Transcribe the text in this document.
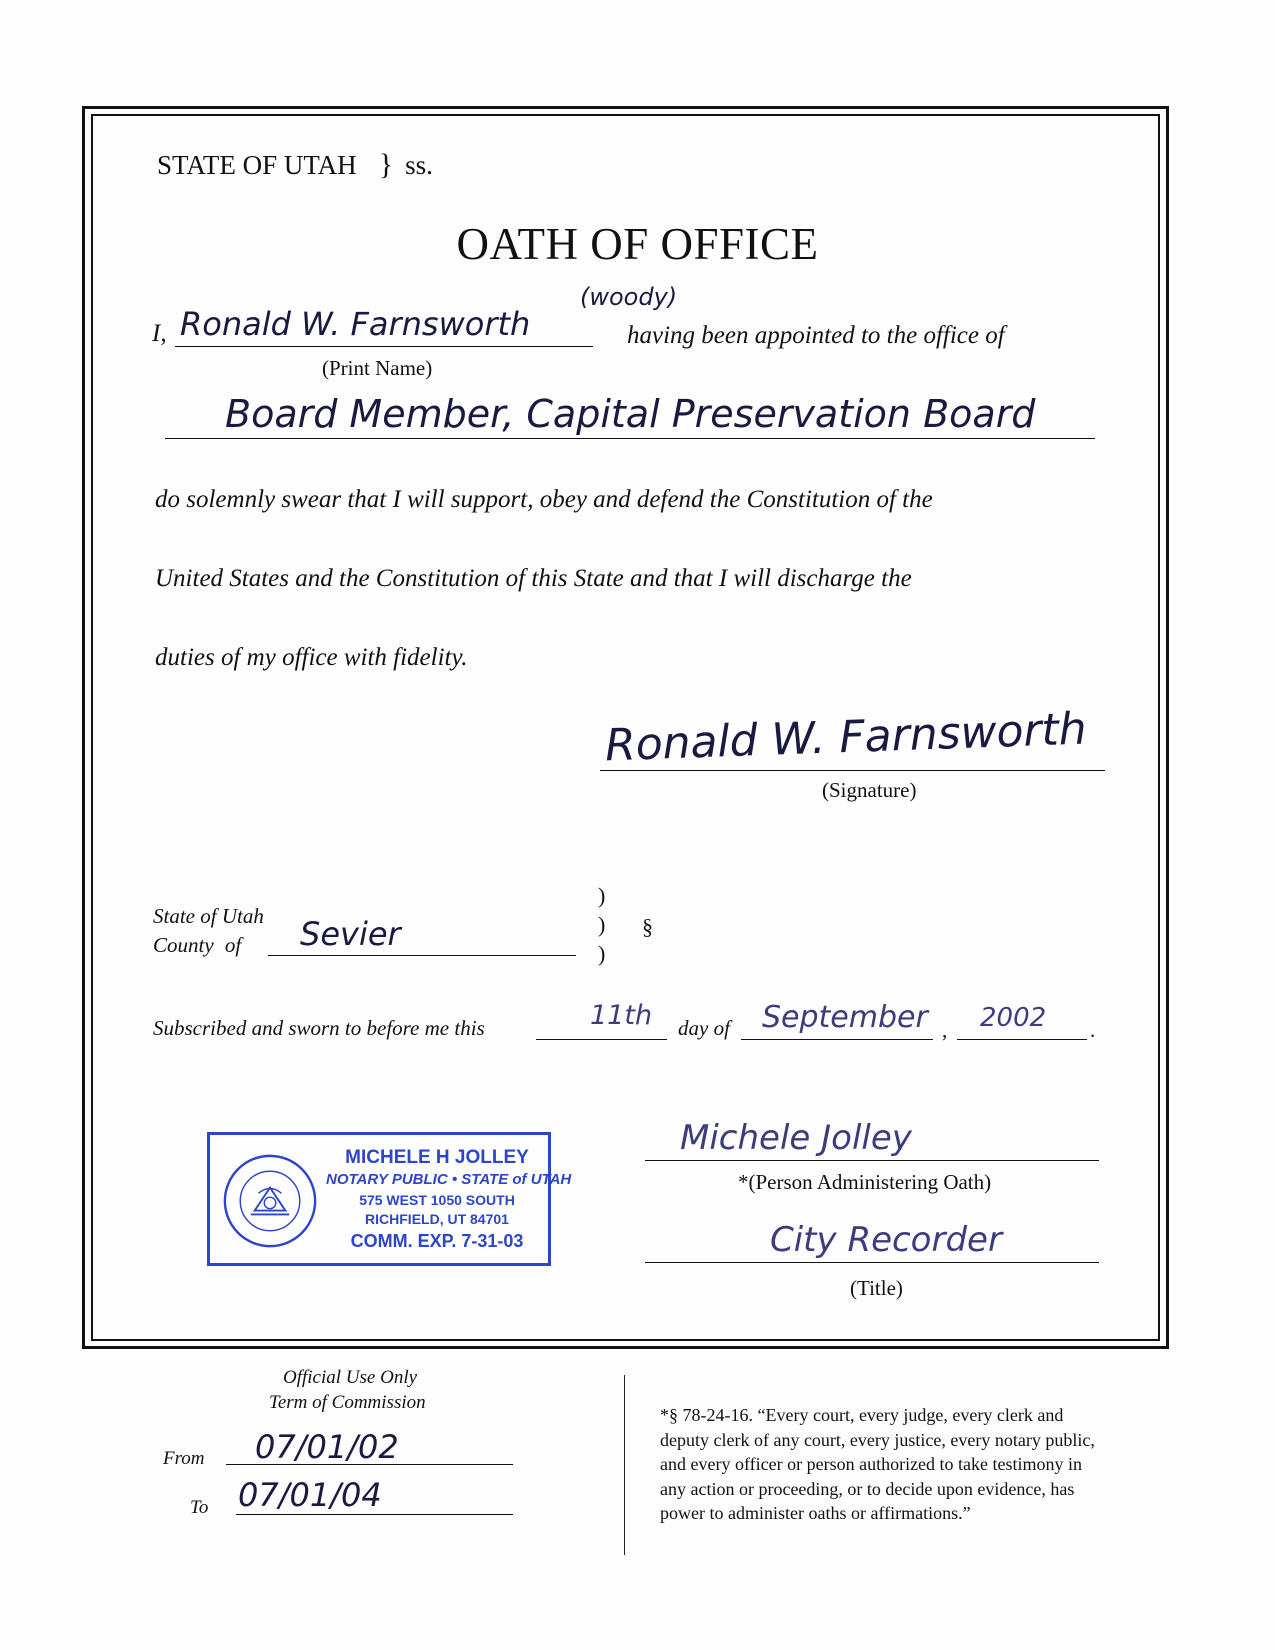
STATE OF UTAH } ss.
OATH OF OFFICE
I, Ronald W. Farnsworth
(woody)
having been appointed to the office of
(Print Name)
Board Member, Capital Preservation Board
do solemnly swear that I will support, obey and defend the Constitution of the
United States and the Constitution of this State and that I will discharge the
duties of my office with fidelity.
Ronald W. Farnsworth
(Signature)
State of Utah
County of Sevier
)
)
)
§
Subscribed and sworn to before me this	11th day of September , 2002 .
Michele Jolley
*(Person Administering Oath)
City Recorder
(Title)
MICHELE H JOLLEY
NOTARY PUBLIC • STATE of UTAH
575 WEST 1050 SOUTH
RICHFIELD, UT 84701
COMM. EXP. 7-31-03
Official Use Only
Term of Commission
From 07/01/02
To 07/01/04
*§ 78-24-16. “Every court, every judge, every clerk and
deputy clerk of any court, every justice, every notary public,
and every officer or person authorized to take testimony in
any action or proceeding, or to decide upon evidence, has
power to administer oaths or affirmations.”
